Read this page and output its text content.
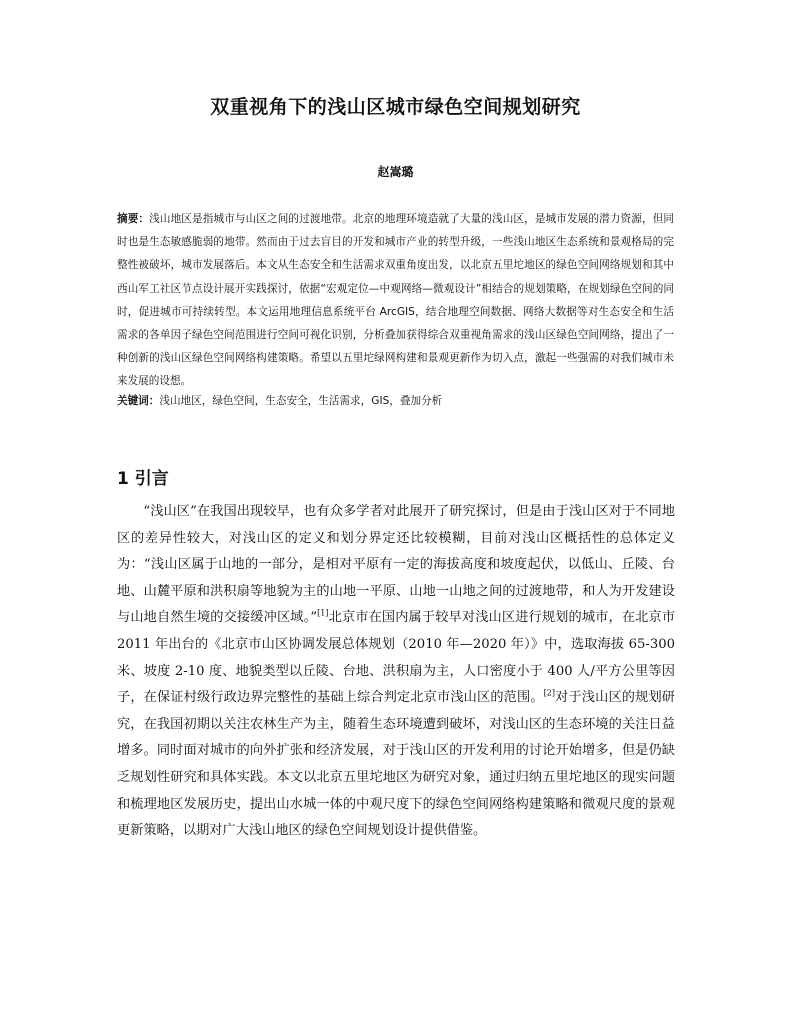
双重视角下的浅山区城市绿色空间规划研究
赵嵩璐
摘要：浅山地区是指城市与山区之间的过渡地带。北京的地理环境造就了大量的浅山区，是城市发展的潜力资源，但同时也是生态敏感脆弱的地带。然而由于过去盲目的开发和城市产业的转型升级，一些浅山地区生态系统和景观格局的完整性被破坏，城市发展落后。本文从生态安全和生活需求双重角度出发，以北京五里坨地区的绿色空间网络规划和其中西山军工社区节点设计展开实践探讨，依据“宏观定位—中观网络—微观设计”相结合的规划策略，在规划绿色空间的同时，促进城市可持续转型。本文运用地理信息系统平台 ArcGIS，结合地理空间数据、网络大数据等对生态安全和生活需求的各单因子绿色空间范围进行空间可视化识别，分析叠加获得综合双重视角需求的浅山区绿色空间网络，提出了一种创新的浅山区绿色空间网络构建策略。希望以五里坨绿网构建和景观更新作为切入点，激起一些强需的对我们城市未来发展的设想。
关键词：浅山地区，绿色空间，生态安全，生活需求，GIS，叠加分析
1 引言
“浅山区”在我国出现较早，也有众多学者对此展开了研究探讨，但是由于浅山区对于不同地区的差异性较大，对浅山区的定义和划分界定还比较模糊，目前对浅山区概括性的总体定义为：“浅山区属于山地的一部分，是相对平原有一定的海拔高度和坡度起伏，以低山、丘陵、台地、山麓平原和洪积扇等地貌为主的山地一平原、山地一山地之间的过渡地带，和人为开发建设与山地自然生境的交接缓冲区域。”[1]北京市在国内属于较早对浅山区进行规划的城市，在北京市 2011 年出台的《北京市山区协调发展总体规划（2010 年—2020 年）》中，选取海拔 65-300 米、坡度 2-10 度、地貌类型以丘陵、台地、洪积扇为主，人口密度小于 400 人/平方公里等因子，在保证村级行政边界完整性的基础上综合判定北京市浅山区的范围。[2]对于浅山区的规划研究，在我国初期以关注农林生产为主，随着生态环境遭到破坏，对浅山区的生态环境的关注日益增多。同时面对城市的向外扩张和经济发展，对于浅山区的开发利用的讨论开始增多，但是仍缺乏规划性研究和具体实践。本文以北京五里坨地区为研究对象，通过归纳五里坨地区的现实问题和梳理地区发展历史，提出山水城一体的中观尺度下的绿色空间网络构建策略和微观尺度的景观更新策略，以期对广大浅山地区的绿色空间规划设计提供借鉴。
